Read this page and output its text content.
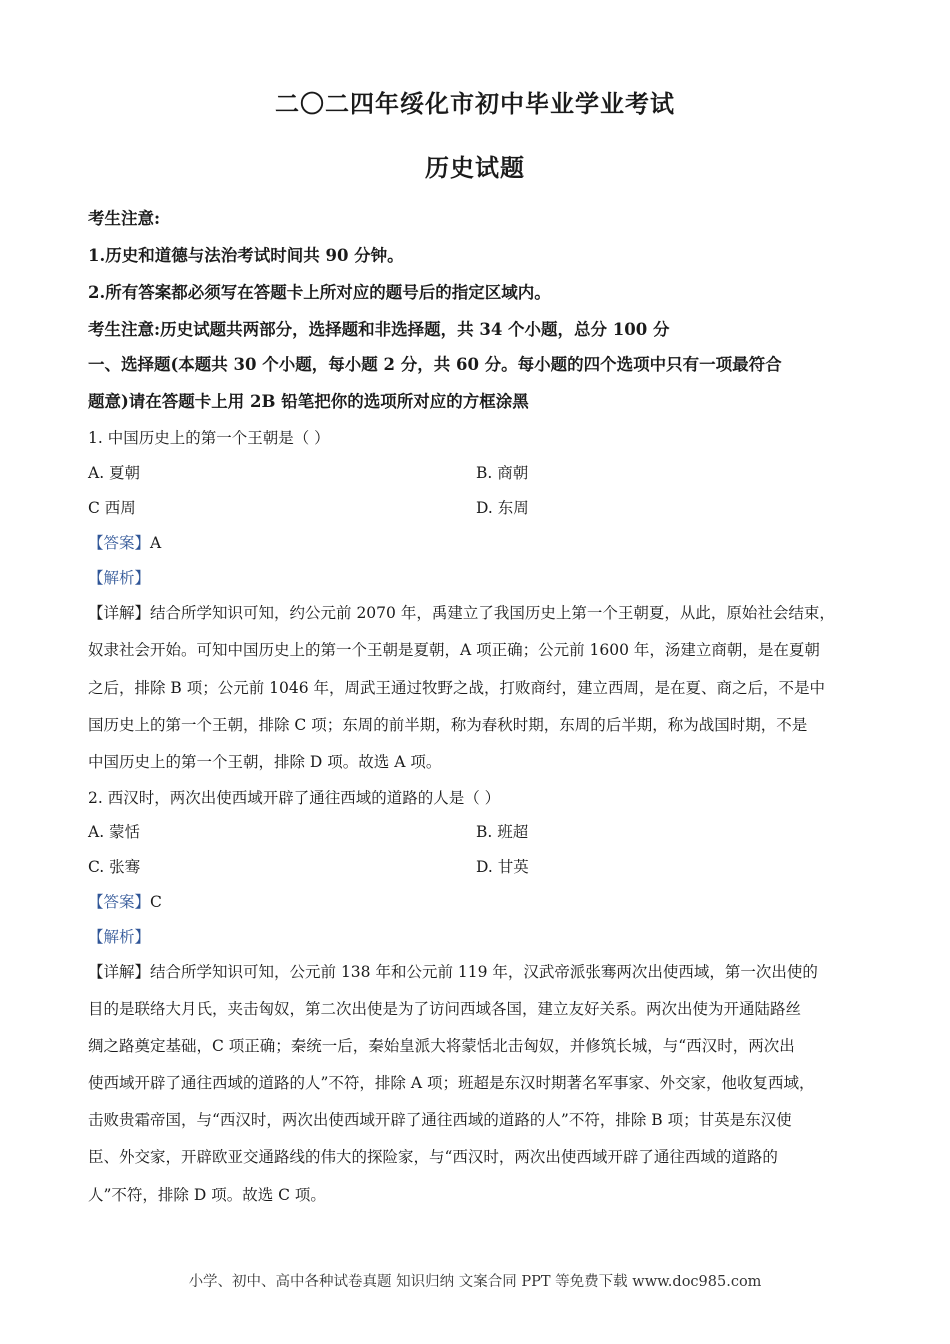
二〇二四年绥化市初中毕业学业考试
历史试题
考生注意:
1.历史和道德与法治考试时间共 90 分钟。
2.所有答案都必须写在答题卡上所对应的题号后的指定区域内。
考生注意:历史试题共两部分，选择题和非选择题，共 34 个小题，总分 100 分
一、选择题(本题共 30 个小题，每小题 2 分，共 60 分。每小题的四个选项中只有一项最符合
题意)请在答题卡上用 2B 铅笔把你的选项所对应的方框涂黑
1. 中国历史上的第一个王朝是（ ）
A. 夏朝	B. 商朝
C 西周	D. 东周
【答案】A
【解析】
【详解】结合所学知识可知，约公元前 2070 年，禹建立了我国历史上第一个王朝夏，从此，原始社会结束，
奴隶社会开始。可知中国历史上的第一个王朝是夏朝，A 项正确；公元前 1600 年，汤建立商朝，是在夏朝
之后，排除 B 项；公元前 1046 年，周武王通过牧野之战，打败商纣，建立西周，是在夏、商之后，不是中
国历史上的第一个王朝，排除 C 项；东周的前半期，称为春秋时期，东周的后半期，称为战国时期，不是
中国历史上的第一个王朝，排除 D 项。故选 A 项。
2. 西汉时，两次出使西域开辟了通往西域的道路的人是（ ）
A. 蒙恬	B. 班超
C. 张骞	D. 甘英
【答案】C
【解析】
【详解】结合所学知识可知，公元前 138 年和公元前 119 年，汉武帝派张骞两次出使西域，第一次出使的
目的是联络大月氏，夹击匈奴，第二次出使是为了访问西域各国，建立友好关系。两次出使为开通陆路丝
绸之路奠定基础，C 项正确；秦统一后，秦始皇派大将蒙恬北击匈奴，并修筑长城，与“西汉时，两次出
使西域开辟了通往西域的道路的人”不符，排除 A 项；班超是东汉时期著名军事家、外交家，他收复西域，
击败贵霜帝国，与“西汉时，两次出使西域开辟了通往西域的道路的人”不符，排除 B 项；甘英是东汉使
臣、外交家，开辟欧亚交通路线的伟大的探险家，与“西汉时，两次出使西域开辟了通往西域的道路的
人”不符，排除 D 项。故选 C 项。
小学、初中、高中各种试卷真题 知识归纳 文案合同 PPT 等免费下载 www.doc985.com
